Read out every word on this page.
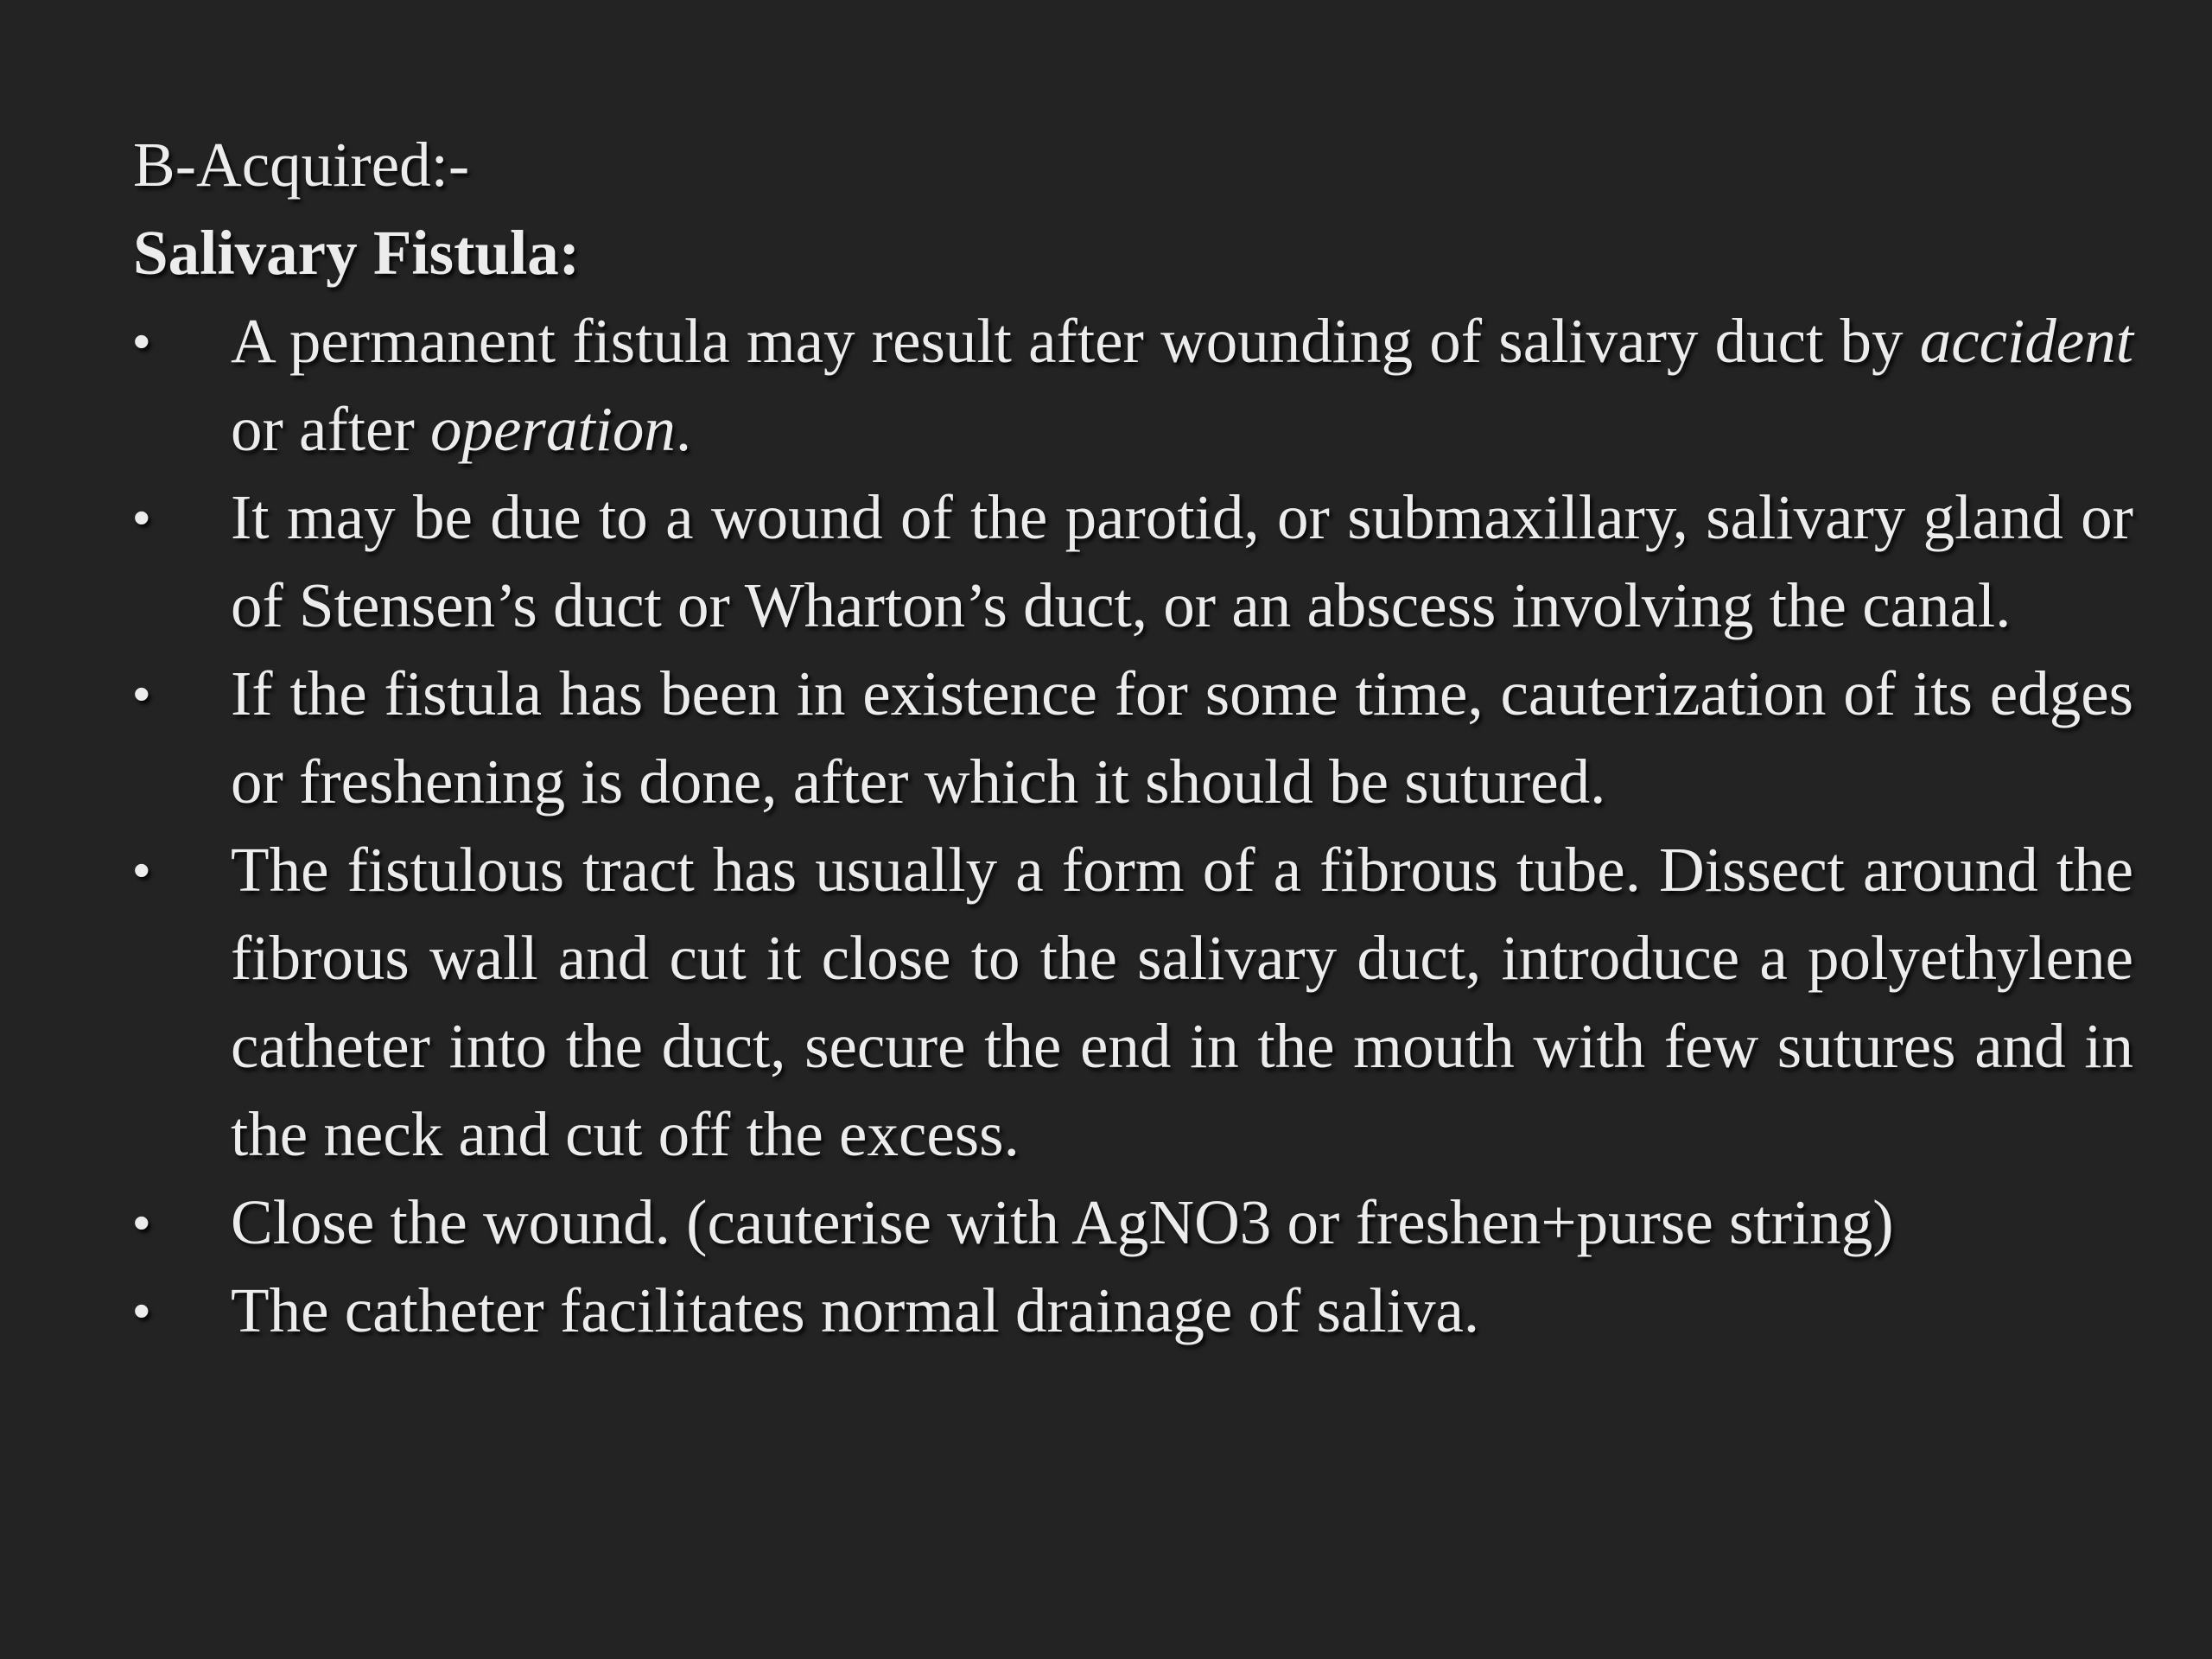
B-Acquired:-

Salivary Fistula:

• A permanent fistula may result after wounding of salivary duct by accident or after operation.
• It may be due to a wound of the parotid, or submaxillary, salivary gland or of Stensen’s duct or Wharton’s duct, or an abscess involving the canal.
• If the fistula has been in existence for some time, cauterization of its edges or freshening is done, after which it should be sutured.
• The fistulous tract has usually a form of a fibrous tube. Dissect around the fibrous wall and cut it close to the salivary duct, introduce a polyethylene catheter into the duct, secure the end in the mouth with few sutures and in the neck and cut off the excess.
• Close the wound. (cauterise with AgNO3 or freshen+purse string)
• The catheter facilitates normal drainage of saliva.
